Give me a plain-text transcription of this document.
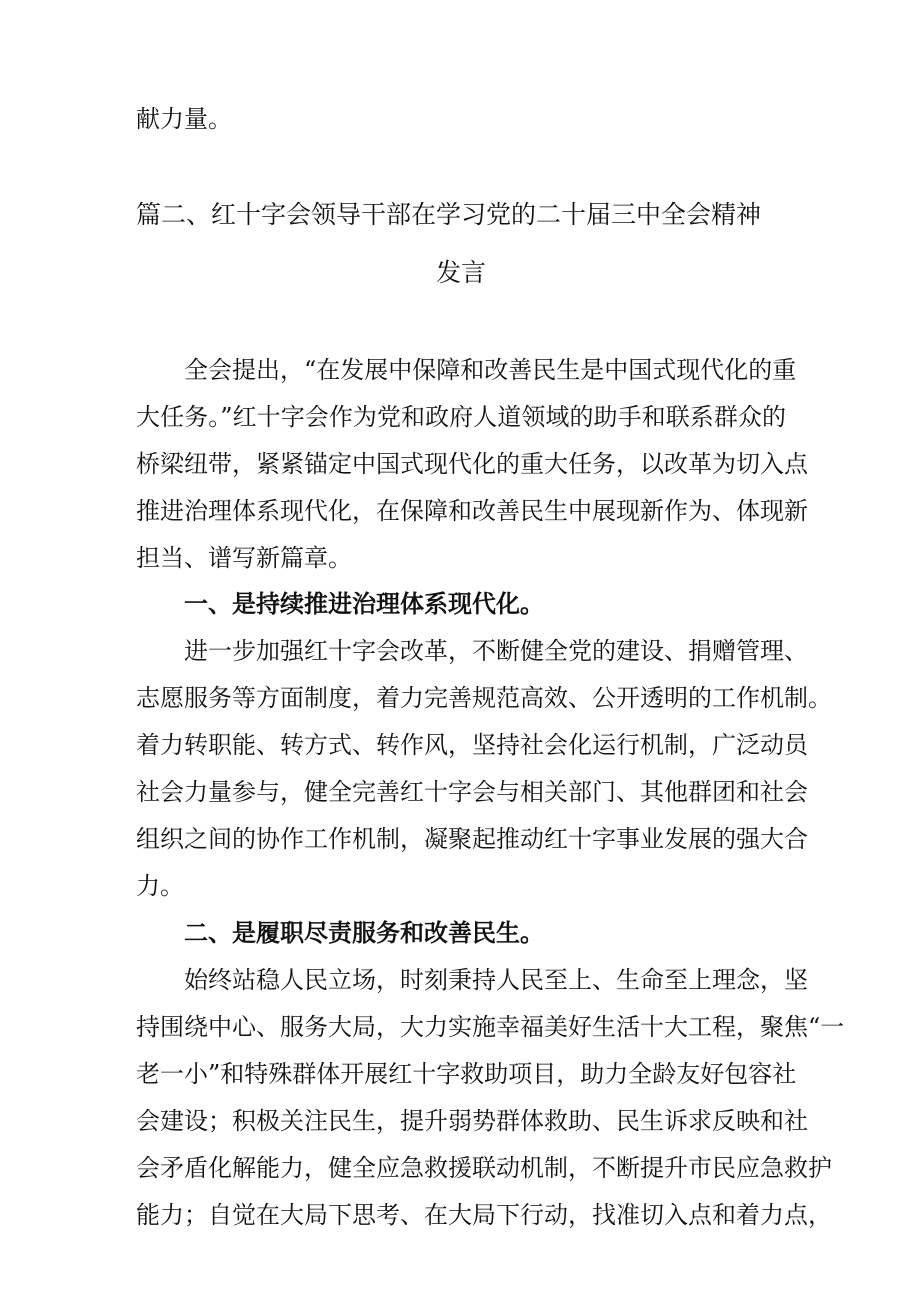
献力量。
篇二、红十字会领导干部在学习党的二十届三中全会精神
发言
全会提出，“在发展中保障和改善民生是中国式现代化的重
大任务。”红十字会作为党和政府人道领域的助手和联系群众的
桥梁纽带，紧紧锚定中国式现代化的重大任务，以改革为切入点
推进治理体系现代化，在保障和改善民生中展现新作为、体现新
担当、谱写新篇章。
一、是持续推进治理体系现代化。
进一步加强红十字会改革，不断健全党的建设、捐赠管理、
志愿服务等方面制度，着力完善规范高效、公开透明的工作机制。
着力转职能、转方式、转作风，坚持社会化运行机制，广泛动员
社会力量参与，健全完善红十字会与相关部门、其他群团和社会
组织之间的协作工作机制，凝聚起推动红十字事业发展的强大合
力。
二、是履职尽责服务和改善民生。
始终站稳人民立场，时刻秉持人民至上、生命至上理念，坚
持围绕中心、服务大局，大力实施幸福美好生活十大工程，聚焦“一
老一小”和特殊群体开展红十字救助项目，助力全龄友好包容社
会建设；积极关注民生，提升弱势群体救助、民生诉求反映和社
会矛盾化解能力，健全应急救援联动机制，不断提升市民应急救护
能力；自觉在大局下思考、在大局下行动，找准切入点和着力点，
